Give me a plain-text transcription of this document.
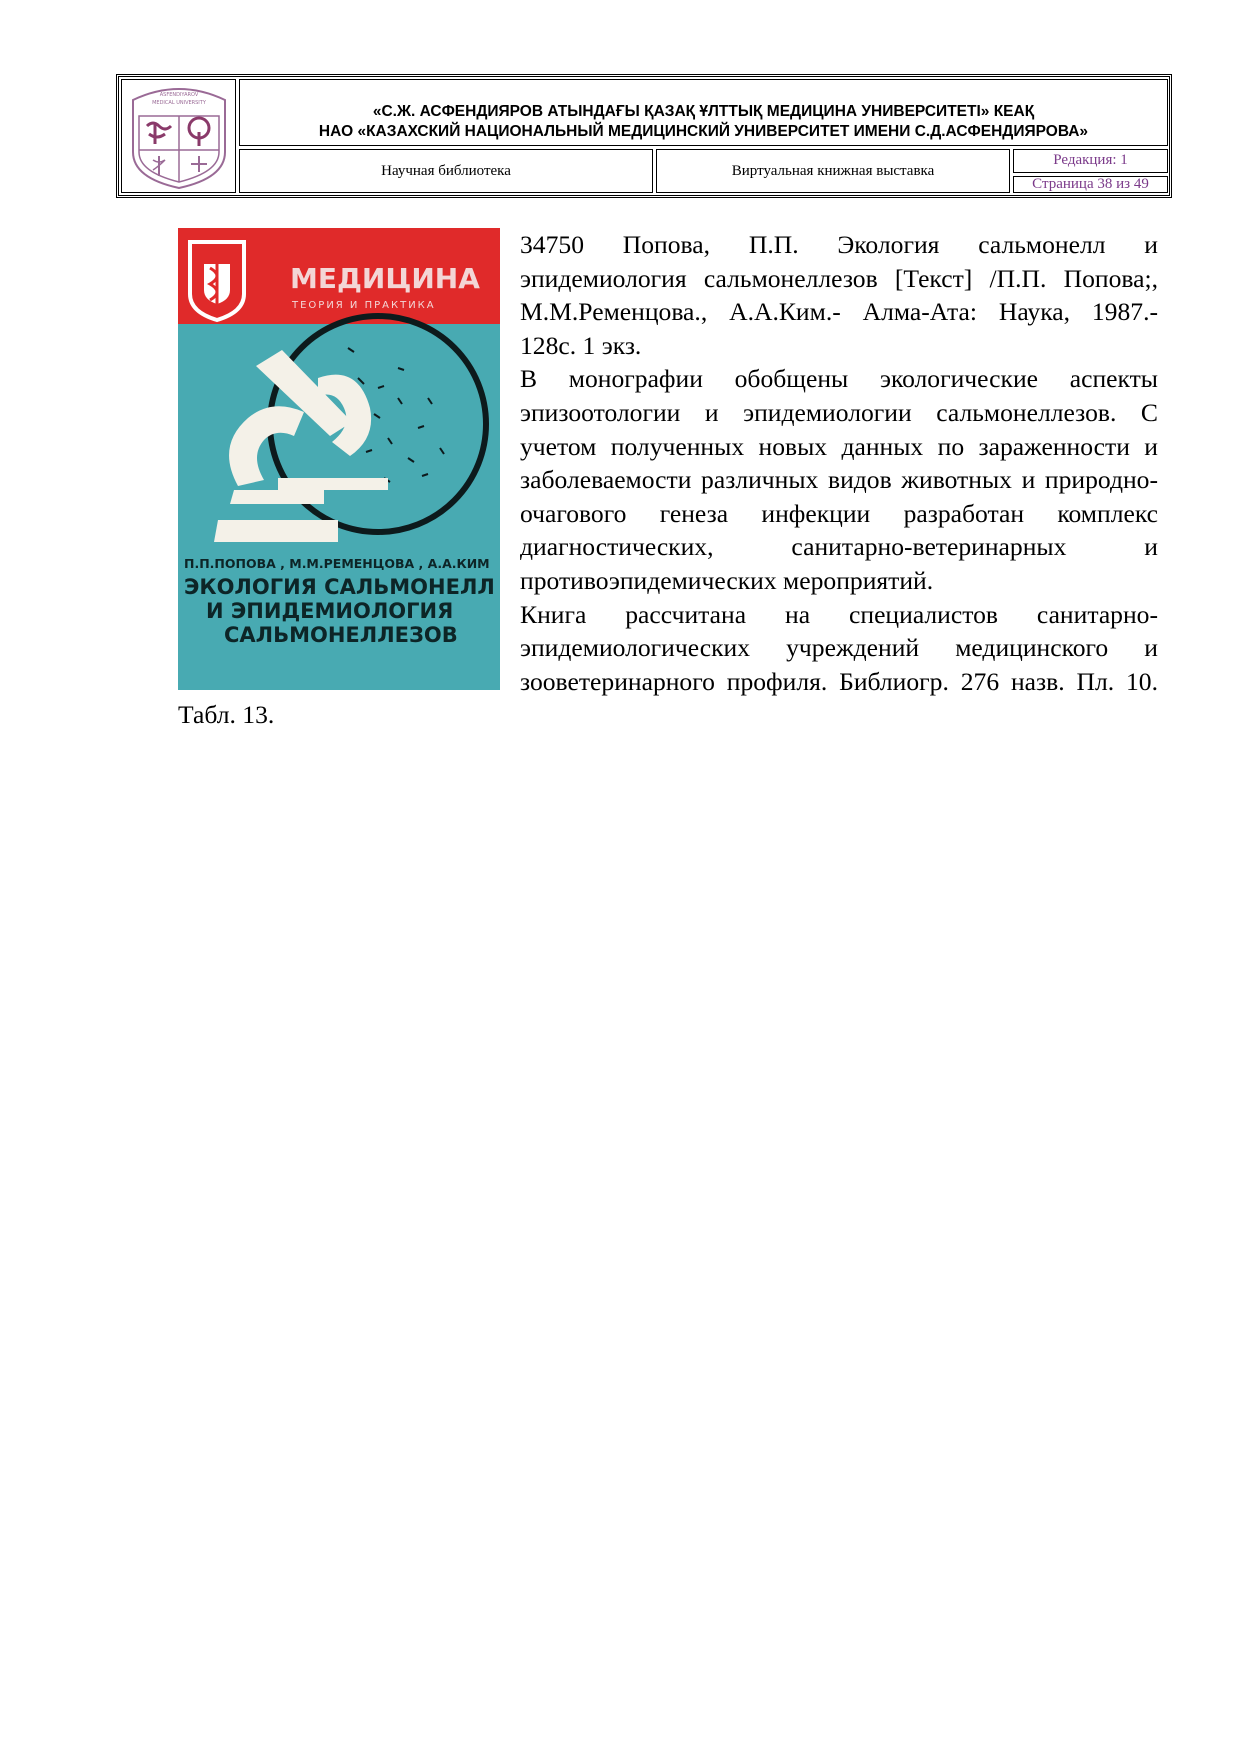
ASFENDIYAROV
MEDICAL UNIVERSITY	«С.Ж. АСФЕНДИЯРОВ АТЫНДАҒЫ ҚАЗАҚ ҰЛТТЫҚ МЕДИЦИНА УНИВЕРСИТЕТІ» КЕАҚ
НАО «КАЗАХСКИЙ НАЦИОНАЛЬНЫЙ МЕДИЦИНСКИЙ УНИВЕРСИТЕТ ИМЕНИ С.Д.АСФЕНДИЯРОВА»
Научная библиотека	Виртуальная книжная выставка
Редакция: 1
Страница 38 из 49
МЕДИЦИНА
ТЕОРИЯ И ПРАКТИКА
П.П.ПОПОВА , М.М.РЕМЕНЦОВА , А.А.КИМ
ЭКОЛОГИЯ САЛЬМОНЕЛЛ
И ЭПИДЕМИОЛОГИЯ
САЛЬМОНЕЛЛЕЗОВ

34750 Попова, П.П. Экология сальмонелл и эпидемиология сальмонеллезов [Текст] /П.П. Попова;, М.М.Ременцова., А.А.Ким.- Алма-Ата: Наука, 1987.- 128с. 1 экз.

В монографии обобщены экологические аспекты эпизоотологии и эпидемиологии сальмонеллезов. С учетом полученных новых данных по зараженности и заболеваемости различных видов животных и природно-очагового генеза инфекции разработан комплекс диагностических, санитарно-ветеринарных и противоэпидемических мероприятий.

Книга рассчитана на специалистов санитарно-эпидемиологических учреждений медицинского и зооветеринарного профиля. Библиогр. 276 назв. Пл. 10. Табл. 13.
